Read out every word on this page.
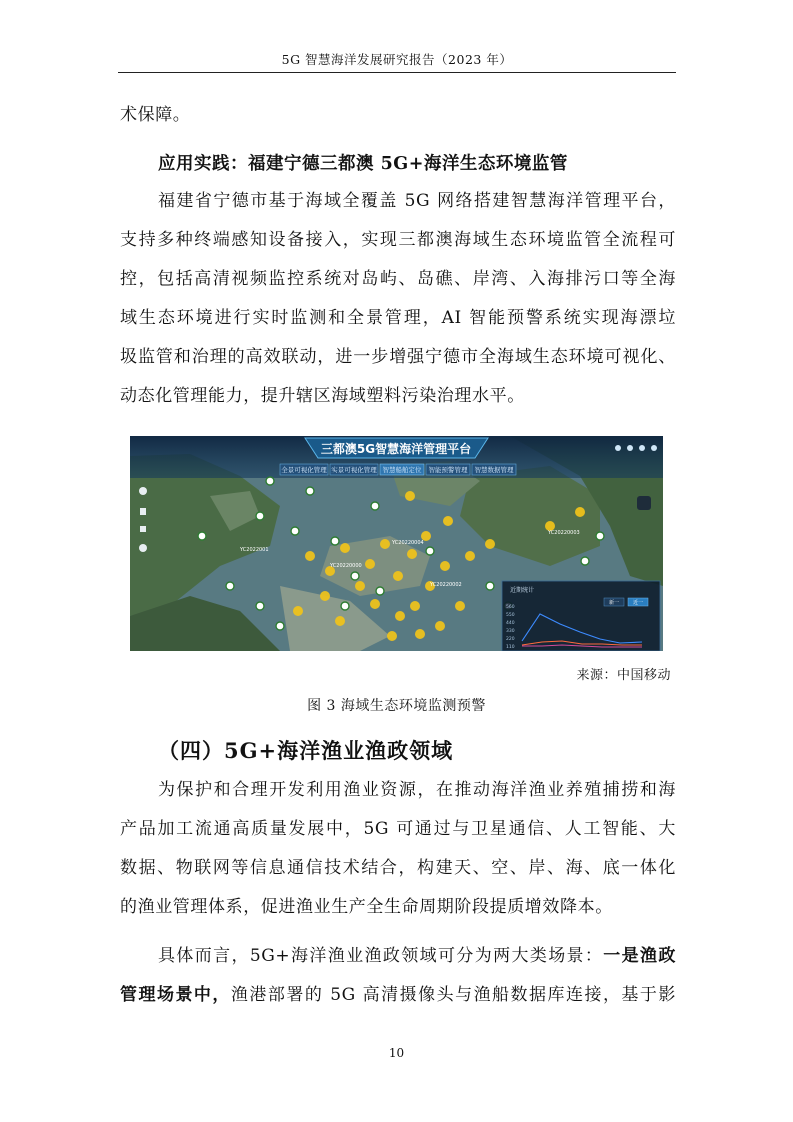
5G 智慧海洋发展研究报告（2023 年）
术保障。
应用实践：福建宁德三都澳 5G+海洋生态环境监管
福建省宁德市基于海域全覆盖 5G 网络搭建智慧海洋管理平台，
支持多种终端感知设备接入，实现三都澳海域生态环境监管全流程可
控，包括高清视频监控系统对岛屿、岛礁、岸湾、入海排污口等全海
域生态环境进行实时监测和全景管理，AI 智能预警系统实现海漂垃
圾监管和治理的高效联动，进一步增强宁德市全海域生态环境可视化、
动态化管理能力，提升辖区海域塑料污染治理水平。
三都澳5G智慧海洋管理平台
全景可视化管理 实景可视化管理 智慧船舶定位 智能预警管理 智慧数据管理
YC20220000
YC20220004
YC20220002
YC20220003
YC2022001
近期统计
新一	近一
560
550
440
330
220
110
来源：中国移动
图 3 海域生态环境监测预警
（四）5G+海洋渔业渔政领域
为保护和合理开发利用渔业资源，在推动海洋渔业养殖捕捞和海
产品加工流通高质量发展中，5G 可通过与卫星通信、人工智能、大
数据、物联网等信息通信技术结合，构建天、空、岸、海、底一体化
的渔业管理体系，促进渔业生产全生命周期阶段提质增效降本。
具体而言，5G+海洋渔业渔政领域可分为两大类场景：一是渔政
管理场景中，渔港部署的 5G 高清摄像头与渔船数据库连接，基于影
10
